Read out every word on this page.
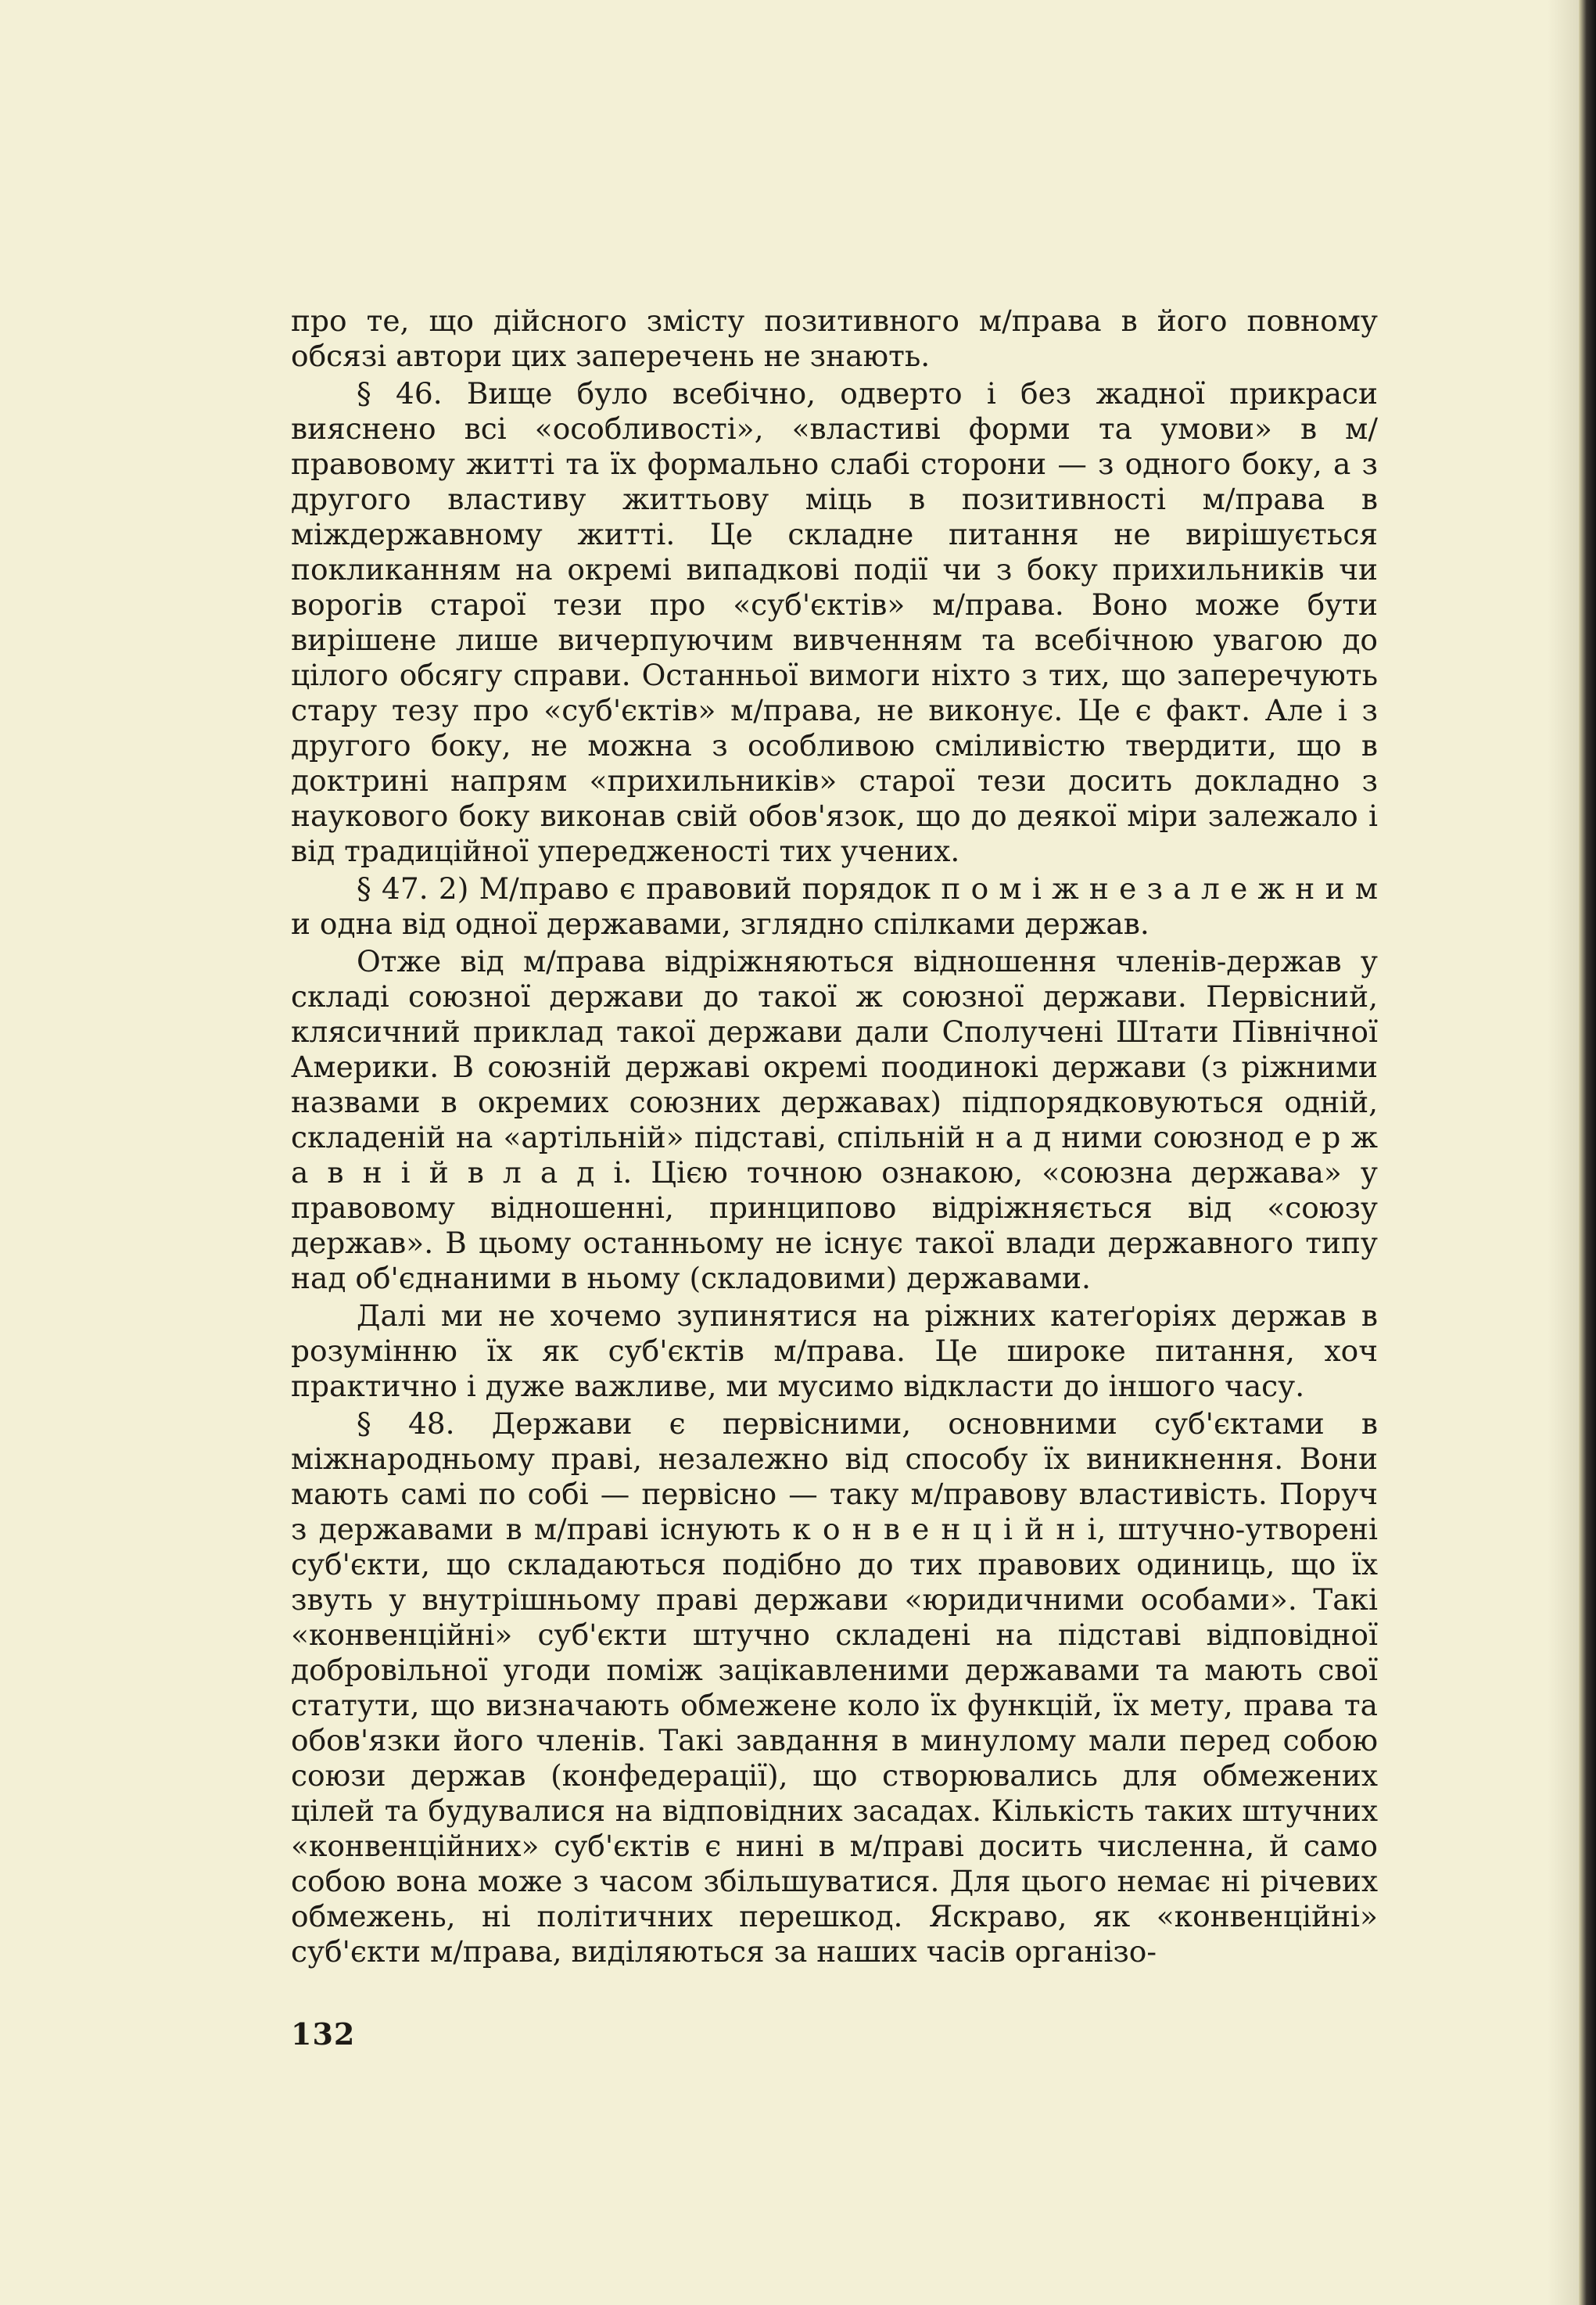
про те, що дійсного змісту позитивного м/права в його повному обсязі автори цих заперечень не знають.

§ 46. Вище було всебічно, одверто і без жадної прикраси вияснено всі «особливості», «властиві форми та умови» в м/правовому житті та їх формально слабі сторони — з одного боку, а з другого властиву життьову міць в позитивності м/права в міждержавному житті. Це складне питання не вирішується покликанням на окремі випадкові події чи з боку прихильників чи ворогів старої тези про «суб'єктів» м/права. Воно може бути вирішене лише вичерпуючим вивченням та всебічною увагою до цілого обсягу справи. Останньої вимоги ніхто з тих, що заперечують стару тезу про «суб'єктів» м/права, не виконує. Це є факт. Але і з другого боку, не можна з особливою сміливістю твердити, що в доктрині напрям «прихильників» старої тези досить докладно з наукового боку виконав свій обов'язок, що до деякої міри залежало і від традиційної упередженості тих учених.

§ 47. 2) М/право є правовий порядок п о м і ж н е з а л е ж н и м и одна від одної державами, зглядно спілками держав.

Отже від м/права відріжняються відношення членів-держав у складі союзної держави до такої ж союзної держави. Первісний, клясичний приклад такої держави дали Сполучені Штати Північної Америки. В союзній державі окремі поодинокі держави (з ріжними назвами в окремих союзних державах) підпорядковуються одній, складеній на «артільній» підставі, спільній н а д ними союзнод е р ж а в н і й в л а д і. Цією точною ознакою, «союзна держава» у правовому відношенні, принципово відріжняється від «союзу держав». В цьому останньому не існує такої влади державного типу над об'єднаними в ньому (складовими) державами.

Далі ми не хочемо зупинятися на ріжних катеґоріях держав в розумінню їх як суб'єктів м/права. Це широке питання, хоч практично і дуже важливе, ми мусимо відкласти до іншого часу.

§ 48. Держави є первісними, основними суб'єктами в міжнародньому праві, незалежно від способу їх виникнення. Вони мають самі по собі — первісно — таку м/правову властивість. Поруч з державами в м/праві існують к о н в е н ц і й н і, штучно-утворені суб'єкти, що складаються подібно до тих правових одиниць, що їх звуть у внутрішньому праві держави «юридичними особами». Такі «конвенційні» суб'єкти штучно складені на підставі відповідної добровільної угоди поміж зацікавленими державами та мають свої статути, що визначають обмежене коло їх функцій, їх мету, права та обов'язки його членів. Такі завдання в минулому мали перед собою союзи держав (конфедерації), що створювались для обмежених цілей та будувалися на відповідних засадах. Кількість таких штучних «конвенційних» суб'єктів є нині в м/праві досить численна, й само собою вона може з часом збільшуватися. Для цього немає ні річевих обмежень, ні політичних перешкод. Яскраво, як «конвенційні» суб'єкти м/права, виділяються за наших часів організо-

132
